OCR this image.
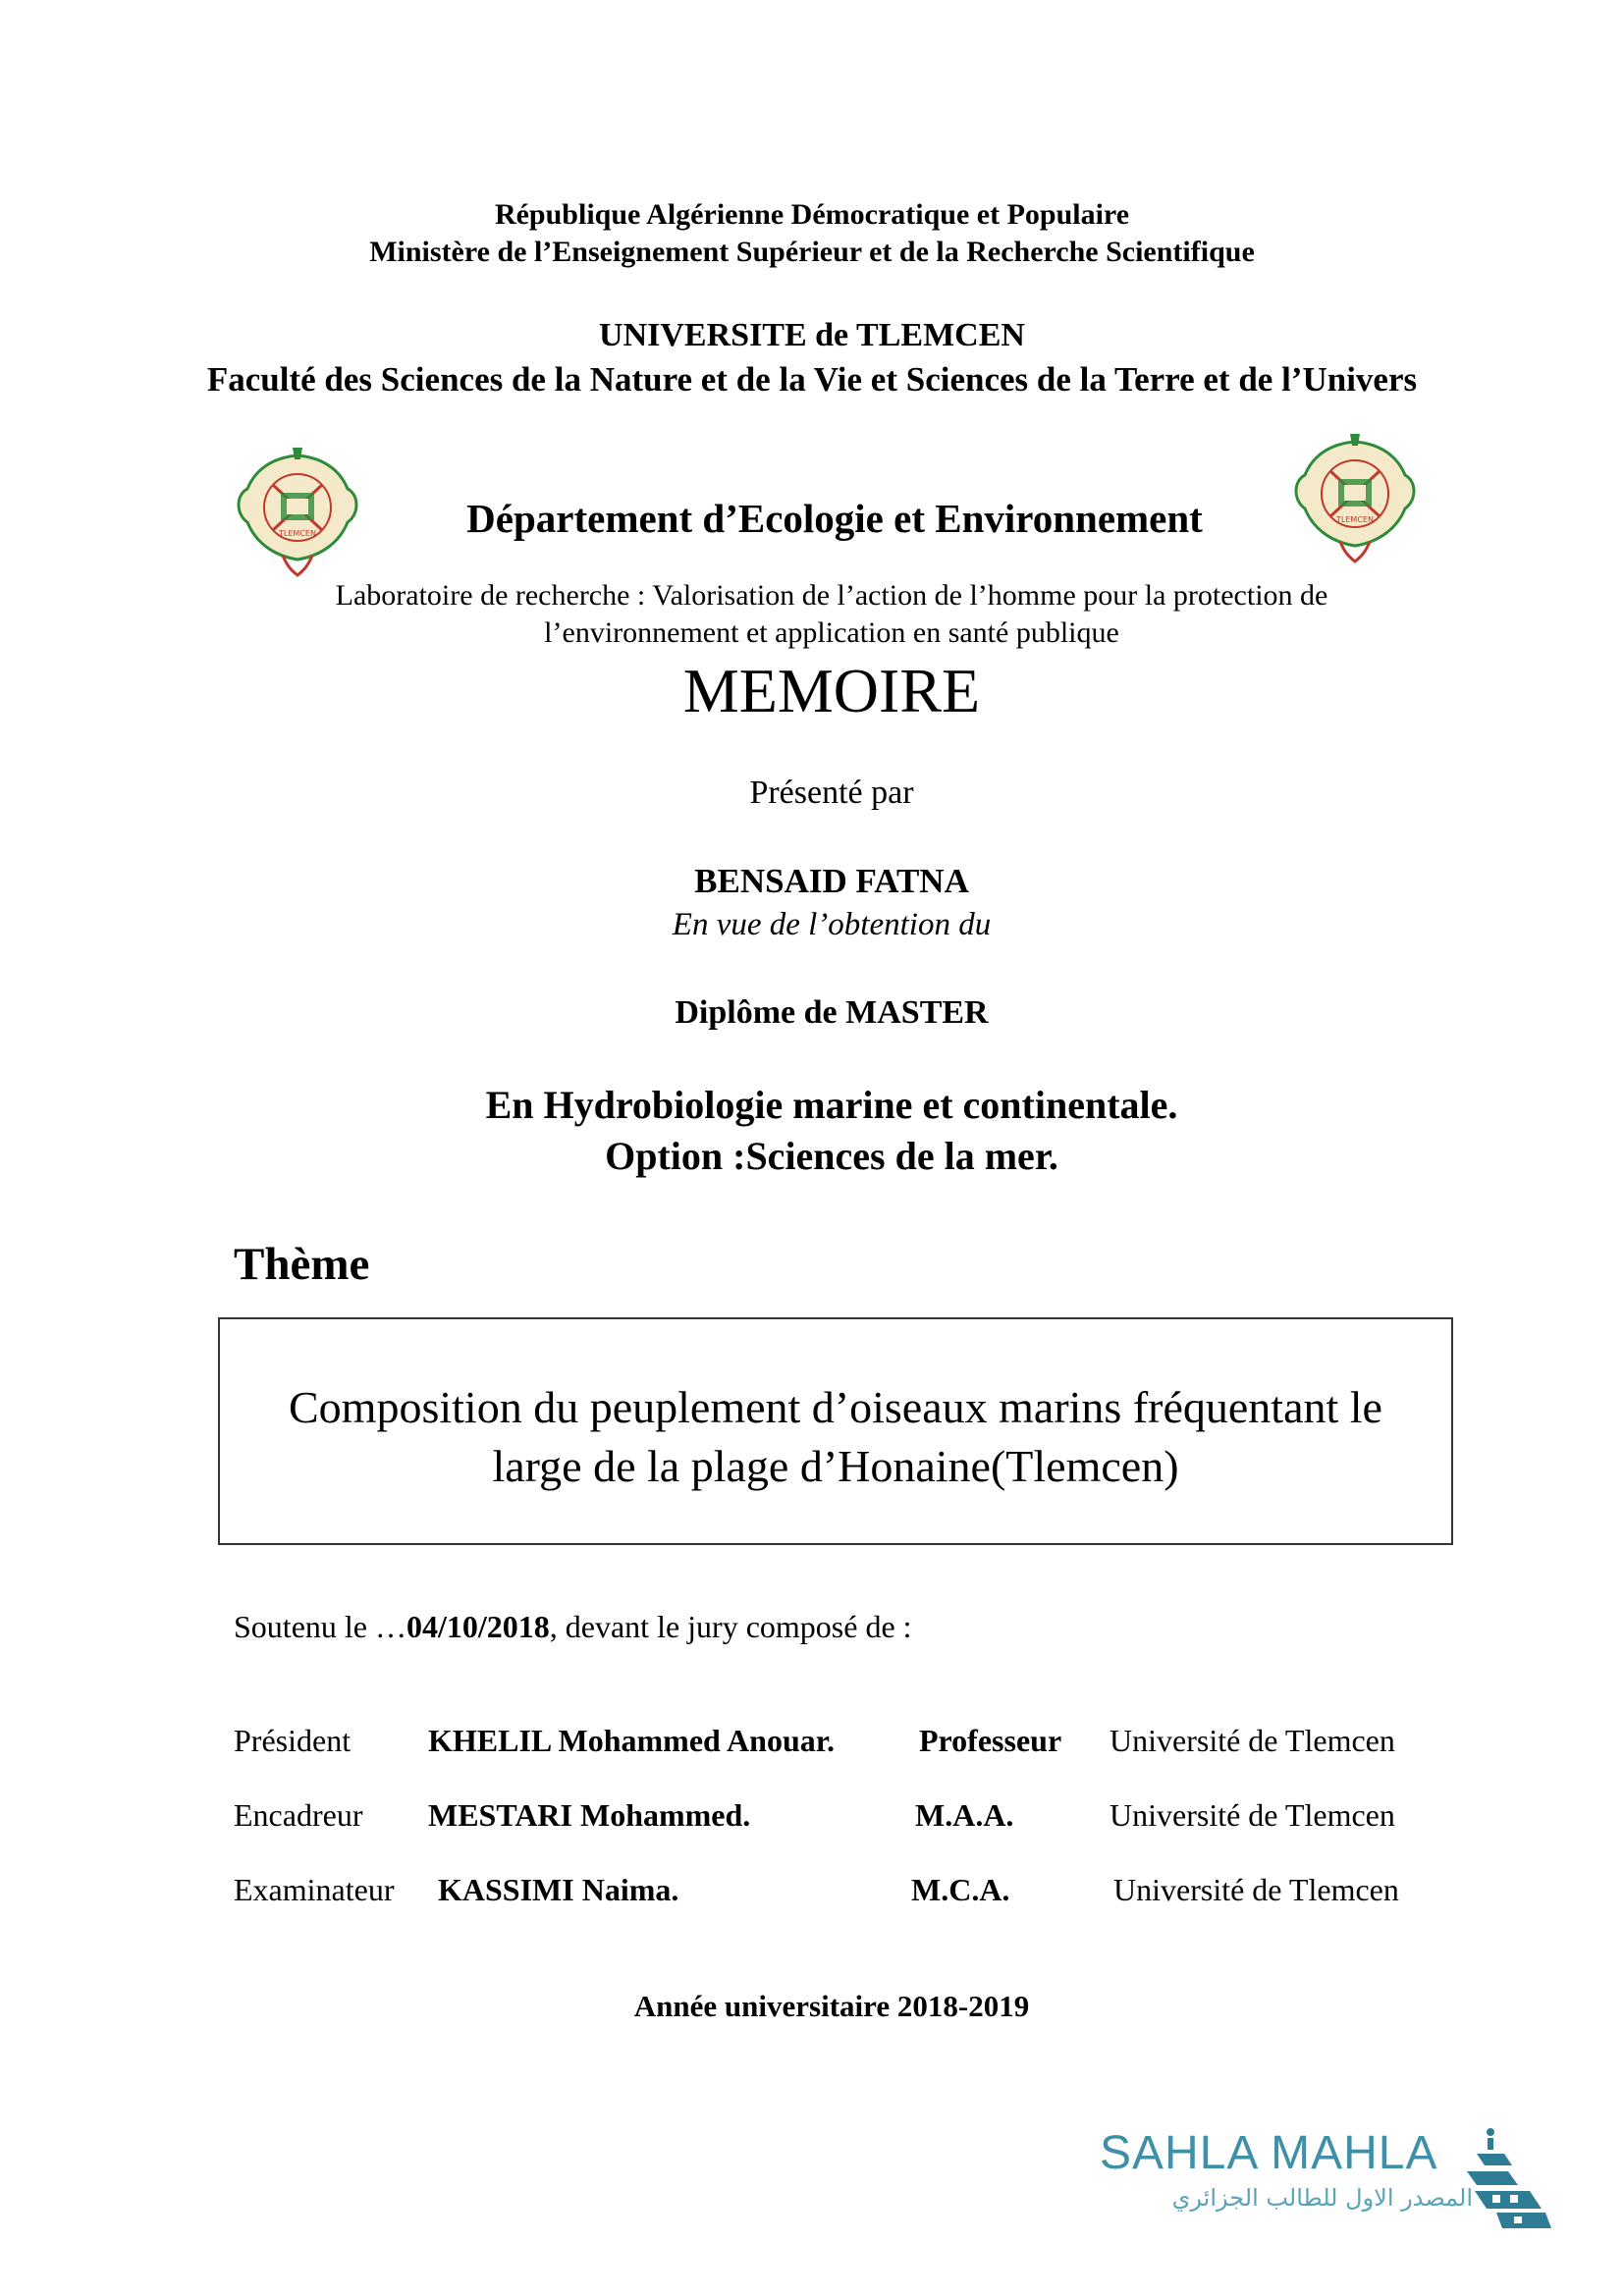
République Algérienne Démocratique et Populaire
Ministère de l’Enseignement Supérieur et de la Recherche Scientifique
UNIVERSITE de TLEMCEN
Faculté des Sciences de la Nature et de la Vie et Sciences de la Terre et de l’Univers
TLEMCEN
TLEMCEN
Département d’Ecologie et Environnement
Laboratoire de recherche : Valorisation de l’action de l’homme pour la protection de
l’environnement et application en santé publique
MEMOIRE
Présenté par
BENSAID FATNA
En vue de l’obtention du
Diplôme de MASTER
En Hydrobiologie marine et continentale.
Option :Sciences de la mer.
Thème
Composition du peuplement d’oiseaux marins fréquentant le
large de la plage d’Honaine(Tlemcen)
Soutenu le …04/10/2018, devant le jury composé de :
Président KHELIL Mohammed Anouar.	Professeur Université de Tlemcen
Encadreur MESTARI Mohammed.	M.A.A.	Université de Tlemcen
Examinateur KASSIMI Naima.	M.C.A.	Université de Tlemcen
Année universitaire 2018-2019
SAHLA MAHLA
المصدر الاول للطالب الجزائري
